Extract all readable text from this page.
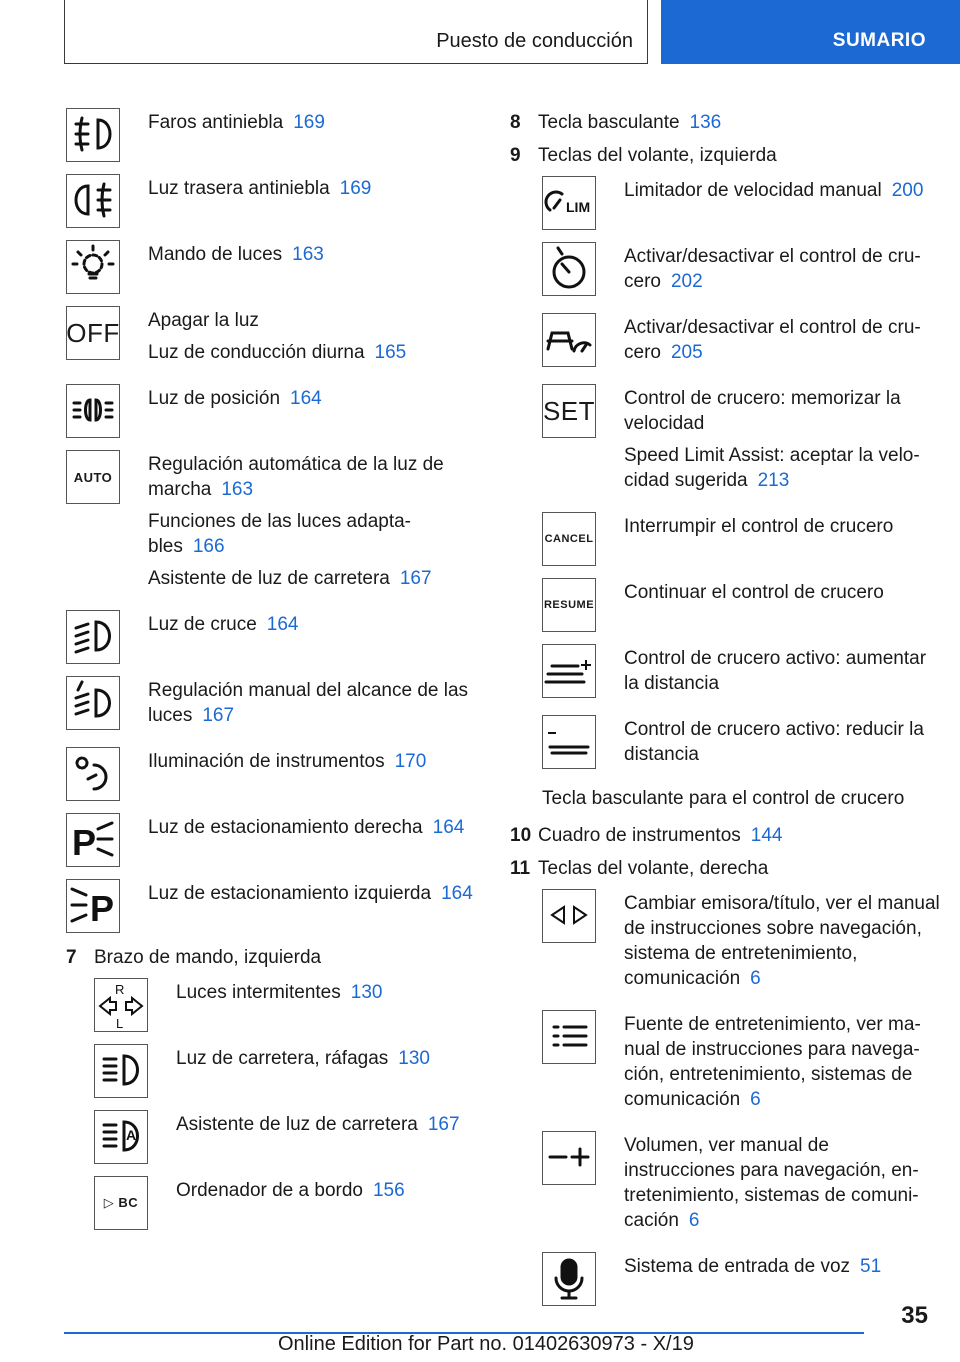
Puesto de conducción	SUMARIO

Faros antiniebla 169

Luz trasera antiniebla 169

Mando de luces 163

OFF Apagar la luz

Luz de conducción diurna 165

Luz de posición 164

AUTO

Regulación automática de la luz de marcha 163

Funciones de las luces adaptables 166

Asistente de luz de carretera 167

Luz de cruce 164

Regulación manual del alcance de las luces 167

Iluminación de instrumentos 170

P	Luz de estacionamiento derecha 164

P Luz de estacionamiento izquierda 164

7 Brazo de mando, izquierda
R
L

Luces intermitentes 130

Luz de carretera, ráfagas 130

A Asistente de luz de carretera 167

▷ BC

Ordenador de a bordo 156

8 Tecla basculante 136
9 Teclas del volante, izquierda
LIM

Limitador de velocidad manual 200

Activar/desactivar el control de crucero 202

Activar/desactivar el control de crucero 205

SET Control de crucero: memorizar la velocidad

Speed Limit Assist: aceptar la velocidad sugerida 213

CANCEL

Interrumpir el control de crucero

RESUME

Continuar el control de crucero

Control de crucero activo: aumentar la distancia

Control de crucero activo: reducir la distancia

Tecla basculante para el control de crucero
10 Cuadro de instrumentos 144
11 Teclas del volante, derecha

Cambiar emisora/título, ver el manual de instrucciones sobre navegación, sistema de entretenimiento, comunicación 6

Fuente de entretenimiento, ver manual de instrucciones para navegación, entretenimiento, sistemas de comunicación 6

Volumen, ver manual de instrucciones para navegación, entretenimiento, sistemas de comunicación 6

Sistema de entrada de voz 51

35
Online Edition for Part no. 01402630973 - X/19
